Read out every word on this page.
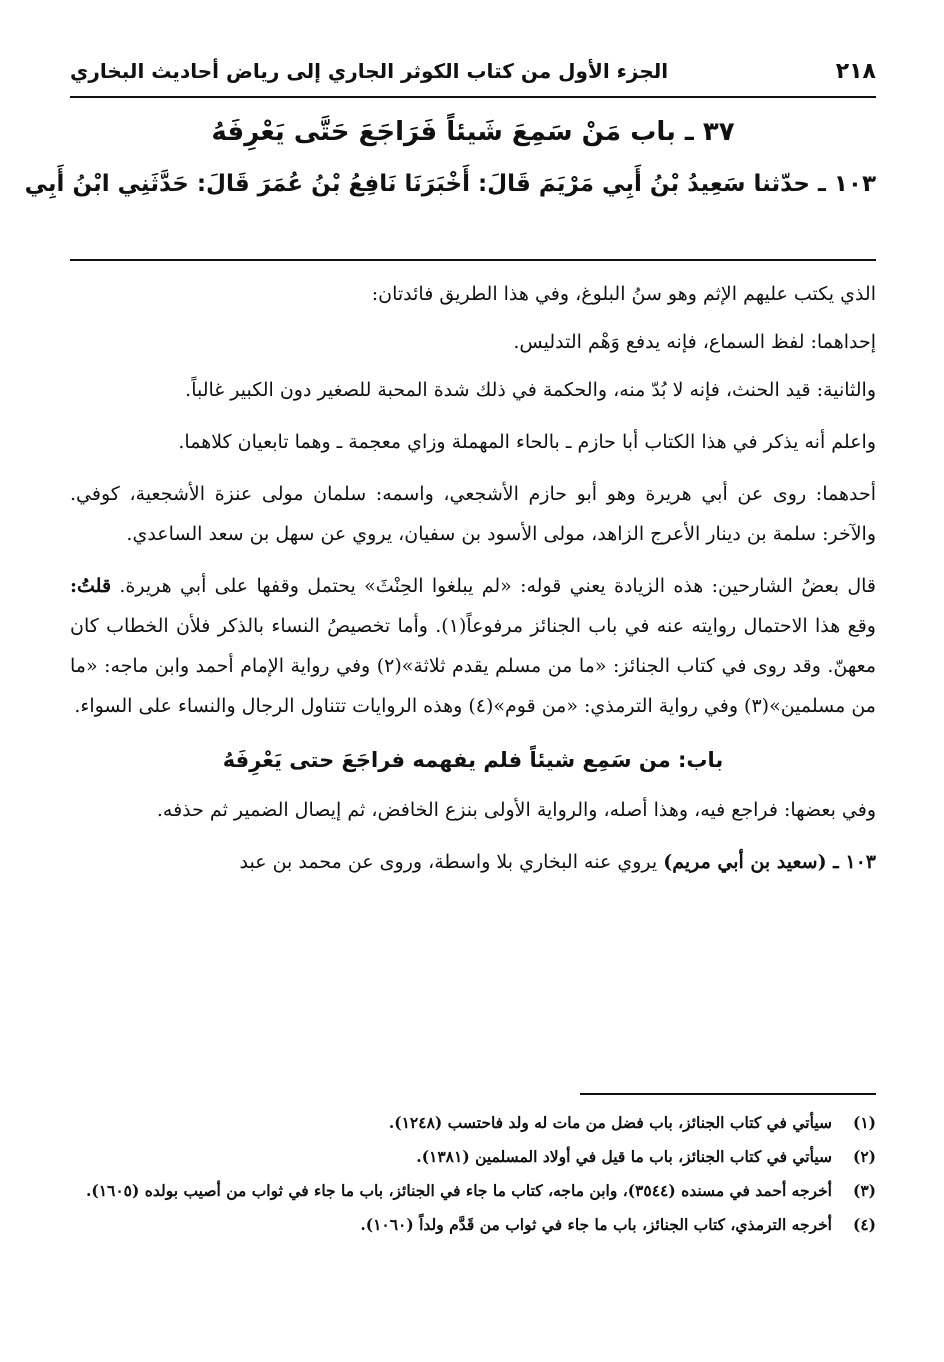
٢١٨
الجزء الأول من كتاب الكوثر الجاري إلى رياض أحاديث البخاري
٣٧ ـ باب مَنْ سَمِعَ شَيئاً فَرَاجَعَ حَتَّى يَعْرِفَهُ
١٠٣ ـ حدّثنا سَعِيدُ بْنُ أَبِي مَرْيَمَ قَالَ: أَخْبَرَنَا نَافِعُ بْنُ عُمَرَ قَالَ: حَدَّثَنِي ابْنُ أَبِي

الذي يكتب عليهم الإثم وهو سنُ البلوغ، وفي هذا الطريق فائدتان:

إحداهما: لفظ السماع، فإنه يدفع وَهْم التدليس.

والثانية: قيد الحنث، فإنه لا بُدّ منه، والحكمة في ذلك شدة المحبة للصغير دون الكبير غالباً.

واعلم أنه يذكر في هذا الكتاب أبا حازم ـ بالحاء المهملة وزاي معجمة ـ وهما تابعيان كلاهما.

أحدهما: روى عن أبي هريرة وهو أبو حازم الأشجعي، واسمه: سلمان مولى عنزة الأشجعية، كوفي. والآخر: سلمة بن دينار الأعرج الزاهد، مولى الأسود بن سفيان، يروي عن سهل بن سعد الساعدي.

قال بعضُ الشارحين: هذه الزيادة يعني قوله: «لم يبلغوا الحِنْثَ» يحتمل وقفها على أبي هريرة. قلتُ: وقع هذا الاحتمال روايته عنه في باب الجنائز مرفوعاً(١). وأما تخصيصُ النساء بالذكر فلأن الخطاب كان معهنّ. وقد روى في كتاب الجنائز: «ما من مسلم يقدم ثلاثة»(٢) وفي رواية الإمام أحمد وابن ماجه: «ما من مسلمين»(٣) وفي رواية الترمذي: «من قوم»(٤) وهذه الروايات تتناول الرجال والنساء على السواء.

باب: من سَمِع شيئاً فلم يفهمه فراجَعَ حتى يَعْرِفَهُ

وفي بعضها: فراجع فيه، وهذا أصله، والرواية الأولى بنزع الخافض، ثم إيصال الضمير ثم حذفه.

١٠٣ ـ (سعيد بن أبي مريم) يروي عنه البخاري بلا واسطة، وروى عن محمد بن عبد

(١)
سيأتي في كتاب الجنائز، باب فضل من مات له ولد فاحتسب (١٢٤٨).
(٢)
سيأتي في كتاب الجنائز، باب ما قيل في أولاد المسلمين (١٣٨١).
(٣)
أخرجه أحمد في مسنده (٣٥٤٤)، وابن ماجه، كتاب ما جاء في الجنائز، باب ما جاء في ثواب من أصيب بولده (١٦٠٥).
(٤)
أخرجه الترمذي، كتاب الجنائز، باب ما جاء في ثواب من قَدَّم ولداً (١٠٦٠).
